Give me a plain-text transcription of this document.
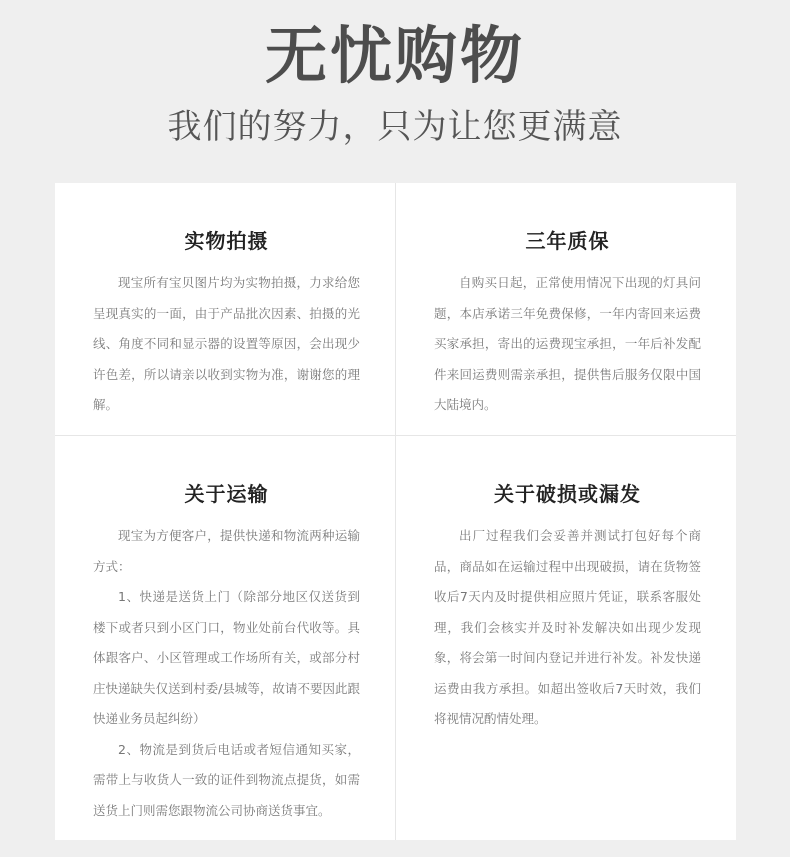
无忧购物
我们的努力，只为让您更满意
实物拍摄

现宝所有宝贝图片均为实物拍摄，力求给您呈现真实的一面，由于产品批次因素、拍摄的光线、角度不同和显示器的设置等原因，会出现少许色差，所以请亲以收到实物为准，谢谢您的理解。

三年质保

自购买日起，正常使用情况下出现的灯具问题，本店承诺三年免费保修，一年内寄回来运费买家承担，寄出的运费现宝承担，一年后补发配件来回运费则需亲承担，提供售后服务仅限中国大陆境内。

关于运输

现宝为方便客户，提供快递和物流两种运输方式：

1、快递是送货上门（除部分地区仅送货到楼下或者只到小区门口，物业处前台代收等。具体跟客户、小区管理或工作场所有关，或部分村庄快递缺失仅送到村委/县城等，故请不要因此跟快递业务员起纠纷）

2、物流是到货后电话或者短信通知买家，需带上与收货人一致的证件到物流点提货，如需送货上门则需您跟物流公司协商送货事宜。

关于破损或漏发

出厂过程我们会妥善并测试打包好每个商品，商品如在运输过程中出现破损，请在货物签收后7天内及时提供相应照片凭证，联系客服处理，我们会核实并及时补发解决如出现少发现象，将会第一时间内登记并进行补发。补发快递运费由我方承担。如超出签收后7天时效，我们将视情况酌情处理。
